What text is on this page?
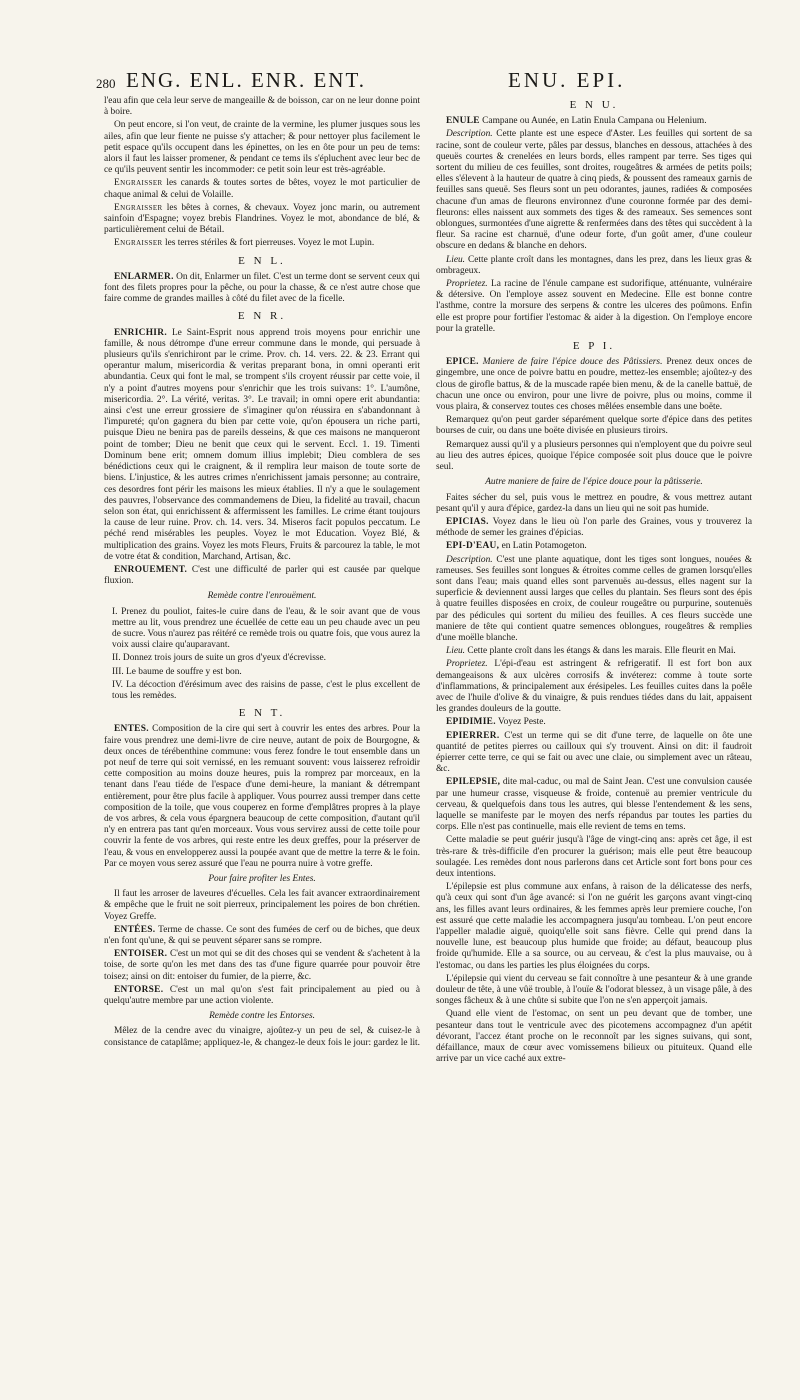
280 ENG. ENL. ENR. ENT.	ENU. EPI.

l'eau afin que cela leur serve de mangeaille & de boisson, car on ne leur donne point à boire.

On peut encore, si l'on veut, de crainte de la vermine, les plumer jusques sous les ailes, afin que leur fiente ne puisse s'y attacher; & pour nettoyer plus facilement le petit espace qu'ils occupent dans les épinettes, on les en ôte pour un peu de tems: alors il faut les laisser promener, & pendant ce tems ils s'épluchent avec leur bec de ce qu'ils peuvent sentir les incommoder: ce petit soin leur est très-agréable.

Engraisser les canards & toutes sortes de bêtes, voyez le mot particulier de chaque animal & celui de Volaille.

Engraisser les bêtes à cornes, & chevaux. Voyez jonc marin, ou autrement sainfoin d'Espagne; voyez brebis Flandrines. Voyez le mot, abondance de blé, & particulièrement celui de Bétail.

Engraisser les terres stériles & fort pierreuses. Voyez le mot Lupin.

E N L.

ENLARMER. On dit, Enlarmer un filet. C'est un terme dont se servent ceux qui font des filets propres pour la pêche, ou pour la chasse, & ce n'est autre chose que faire comme de grandes mailles à côté du filet avec de la ficelle.

E N R.

ENRICHIR. Le Saint-Esprit nous apprend trois moyens pour enrichir une famille, & nous détrompe d'une erreur commune dans le monde, qui persuade à plusieurs qu'ils s'enrichiront par le crime. Prov. ch. 14. vers. 22. & 23. Errant qui operantur malum, misericordia & veritas preparant bona, in omni operanti erit abundantia. Ceux qui font le mal, se trompent s'ils croyent réussir par cette voie, il n'y a point d'autres moyens pour s'enrichir que les trois suivans: 1°. L'aumône, misericordia. 2°. La vérité, veritas. 3°. Le travail; in omni opere erit abundantia: ainsi c'est une erreur grossiere de s'imaginer qu'on réussira en s'abandonnant à l'impureté; qu'on gagnera du bien par cette voie, qu'on épousera un riche parti, puisque Dieu ne benira pas de pareils desseins, & que ces maisons ne manqueront point de tomber; Dieu ne benit que ceux qui le servent. Eccl. 1. 19. Timenti Dominum bene erit; omnem domum illius implebit; Dieu comblera de ses bénédictions ceux qui le craignent, & il remplira leur maison de toute sorte de biens. L'injustice, & les autres crimes n'enrichissent jamais personne; au contraire, ces desordres font périr les maisons les mieux établies. Il n'y a que le soulagement des pauvres, l'observance des commandemens de Dieu, la fidelité au travail, chacun selon son état, qui enrichissent & affermissent les familles. Le crime étant toujours la cause de leur ruine. Prov. ch. 14. vers. 34. Miseros facit populos peccatum. Le péché rend misérables les peuples. Voyez le mot Education. Voyez Blé, & multiplication des grains. Voyez les mots Fleurs, Fruits & parcourez la table, le mot de votre état & condition, Marchand, Artisan, &c.

ENROUEMENT. C'est une difficulté de parler qui est causée par quelque fluxion.

Remède contre l'enrouëment.

I. Prenez du pouliot, faites-le cuire dans de l'eau, & le soir avant que de vous mettre au lit, vous prendrez une écuellée de cette eau un peu chaude avec un peu de sucre. Vous n'aurez pas réitéré ce remède trois ou quatre fois, que vous aurez la voix aussi claire qu'auparavant.

II. Donnez trois jours de suite un gros d'yeux d'écrevisse.

III. Le baume de souffre y est bon.

IV. La décoction d'érésimum avec des raisins de passe, c'est le plus excellent de tous les remèdes.

E N T.

ENTES. Composition de la cire qui sert à couvrir les entes des arbres. Pour la faire vous prendrez une demi-livre de cire neuve, autant de poix de Bourgogne, & deux onces de térébenthine commune: vous ferez fondre le tout ensemble dans un pot neuf de terre qui soit vernissé, en les remuant souvent: vous laisserez refroidir cette composition au moins douze heures, puis la romprez par morceaux, en la tenant dans l'eau tiéde de l'espace d'une demi-heure, la maniant & détrempant entièrement, pour être plus facile à appliquer. Vous pourrez aussi tremper dans cette composition de la toile, que vous couperez en forme d'emplâtres propres à la playe de vos arbres, & cela vous épargnera beaucoup de cette composition, d'autant qu'il n'y en entrera pas tant qu'en morceaux. Vous vous servirez aussi de cette toile pour couvrir la fente de vos arbres, qui reste entre les deux greffes, pour la préserver de l'eau, & vous en envelopperez aussi la poupée avant que de mettre la terre & le foin. Par ce moyen vous serez assuré que l'eau ne pourra nuire à votre greffe.

Pour faire profiter les Entes.

Il faut les arroser de laveures d'écuelles. Cela les fait avancer extraordinairement & empêche que le fruit ne soit pierreux, principalement les poires de bon chrétien. Voyez Greffe.

ENTÉES. Terme de chasse. Ce sont des fumées de cerf ou de biches, que deux n'en font qu'une, & qui se peuvent séparer sans se rompre.

ENTOISER. C'est un mot qui se dit des choses qui se vendent & s'achetent à la toise, de sorte qu'on les met dans des tas d'une figure quarrée pour pouvoir être toisez; ainsi on dit: entoiser du fumier, de la pierre, &c.

ENTORSE. C'est un mal qu'on s'est fait principalement au pied ou à quelqu'autre membre par une action violente.

Remède contre les Entorses.

Mêlez de la cendre avec du vinaigre, ajoûtez-y un peu de sel, & cuisez-le à consistance de cataplâme; appliquez-le, & changez-le deux fois le jour: gardez le lit.

E N U.

ENULE Campane ou Aunée, en Latin Enula Campana ou Helenium.

Description. Cette plante est une espece d'Aster. Les feuilles qui sortent de sa racine, sont de couleur verte, pâles par dessus, blanches en dessous, attachées à des queuës courtes & crenelées en leurs bords, elles rampent par terre. Ses tiges qui sortent du milieu de ces feuilles, sont droites, rougeâtres & armées de petits poils; elles s'élevent à la hauteur de quatre à cinq pieds, & poussent des rameaux garnis de feuilles sans queuë. Ses fleurs sont un peu odorantes, jaunes, radiées & composées chacune d'un amas de fleurons environnez d'une couronne formée par des demi-fleurons: elles naissent aux sommets des tiges & des rameaux. Ses semences sont oblongues, surmontées d'une aigrette & renfermées dans des têtes qui succèdent à la fleur. Sa racine est charnuë, d'une odeur forte, d'un goût amer, d'une couleur obscure en dedans & blanche en dehors.

Lieu. Cette plante croît dans les montagnes, dans les prez, dans les lieux gras & ombrageux.

Proprietez. La racine de l'énule campane est sudorifique, atténuante, vulnéraire & détersive. On l'employe assez souvent en Medecine. Elle est bonne contre l'asthme, contre la morsure des serpens & contre les ulceres des poûmons. Enfin elle est propre pour fortifier l'estomac & aider à la digestion. On l'employe encore pour la gratelle.

E P I.

EPICE. Maniere de faire l'épice douce des Pâtissiers. Prenez deux onces de gingembre, une once de poivre battu en poudre, mettez-les ensemble; ajoûtez-y des clous de girofle battus, & de la muscade rapée bien menu, & de la canelle battuë, de chacun une once ou environ, pour une livre de poivre, plus ou moins, comme il vous plaira, & conservez toutes ces choses mêlées ensemble dans une boëte.

Remarquez qu'on peut garder séparément quelque sorte d'épice dans des petites bourses de cuir, ou dans une boëte divisée en plusieurs tiroirs.

Remarquez aussi qu'il y a plusieurs personnes qui n'employent que du poivre seul au lieu des autres épices, quoique l'épice composée soit plus douce que le poivre seul.

Autre maniere de faire de l'épice douce pour la pâtisserie.

Faites sécher du sel, puis vous le mettrez en poudre, & vous mettrez autant pesant qu'il y aura d'épice, gardez-la dans un lieu qui ne soit pas humide.

EPICIAS. Voyez dans le lieu où l'on parle des Graines, vous y trouverez la méthode de semer les graines d'épicias.

EPI-D'EAU, en Latin Potamogeton.

Description. C'est une plante aquatique, dont les tiges sont longues, nouées & rameuses. Ses feuilles sont longues & étroites comme celles de gramen lorsqu'elles sont dans l'eau; mais quand elles sont parvenuës au-dessus, elles nagent sur la superficie & deviennent aussi larges que celles du plantain. Ses fleurs sont des épis à quatre feuilles disposées en croix, de couleur rougeâtre ou purpurine, soutenuës par des pédicules qui sortent du milieu des feuilles. A ces fleurs succède une maniere de tête qui contient quatre semences oblongues, rougeâtres & remplies d'une moëlle blanche.

Lieu. Cette plante croît dans les étangs & dans les marais. Elle fleurit en Mai.

Proprietez. L'épi-d'eau est astringent & refrigeratif. Il est fort bon aux demangeaisons & aux ulcères corrosifs & invéterez: comme à toute sorte d'inflammations, & principalement aux érésipeles. Les feuilles cuites dans la poêle avec de l'huile d'olive & du vinaigre, & puis rendues tiédes dans du lait, appaisent les grandes douleurs de la goutte.

EPIDIMIE. Voyez Peste.

EPIERRER. C'est un terme qui se dit d'une terre, de laquelle on ôte une quantité de petites pierres ou cailloux qui s'y trouvent. Ainsi on dit: il faudroit épierrer cette terre, ce qui se fait ou avec une claie, ou simplement avec un râteau, &c.

EPILEPSIE, dite mal-caduc, ou mal de Saint Jean. C'est une convulsion causée par une humeur crasse, visqueuse & froide, contenuë au premier ventricule du cerveau, & quelquefois dans tous les autres, qui blesse l'entendement & les sens, laquelle se manifeste par le moyen des nerfs répandus par toutes les parties du corps. Elle n'est pas continuelle, mais elle revient de tems en tems.

Cette maladie se peut guérir jusqu'à l'âge de vingt-cinq ans: après cet âge, il est très-rare & très-difficile d'en procurer la guérison; mais elle peut être beaucoup soulagée. Les remèdes dont nous parlerons dans cet Article sont fort bons pour ces deux intentions.

L'épilepsie est plus commune aux enfans, à raison de la délicatesse des nerfs, qu'à ceux qui sont d'un âge avancé: si l'on ne guérit les garçons avant vingt-cinq ans, les filles avant leurs ordinaires, & les femmes après leur premiere couche, l'on est assuré que cette maladie les accompagnera jusqu'au tombeau. L'on peut encore l'appeller maladie aiguë, quoiqu'elle soit sans fièvre. Celle qui prend dans la nouvelle lune, est beaucoup plus humide que froide; au défaut, beaucoup plus froide qu'humide. Elle a sa source, ou au cerveau, & c'est la plus mauvaise, ou à l'estomac, ou dans les parties les plus éloignées du corps.

L'épilepsie qui vient du cerveau se fait connoître à une pesanteur & à une grande douleur de tête, à une vûë trouble, à l'ouïe & l'odorat blessez, à un visage pâle, à des songes fâcheux & à une chûte si subite que l'on ne s'en apperçoit jamais.

Quand elle vient de l'estomac, on sent un peu devant que de tomber, une pesanteur dans tout le ventricule avec des picotemens accompagnez d'un apétit dévorant, l'accez étant proche on le reconnoît par les signes suivans, qui sont, défaillance, maux de cœur avec vomissemens bilieux ou pituiteux. Quand elle arrive par un vice caché aux extre-
